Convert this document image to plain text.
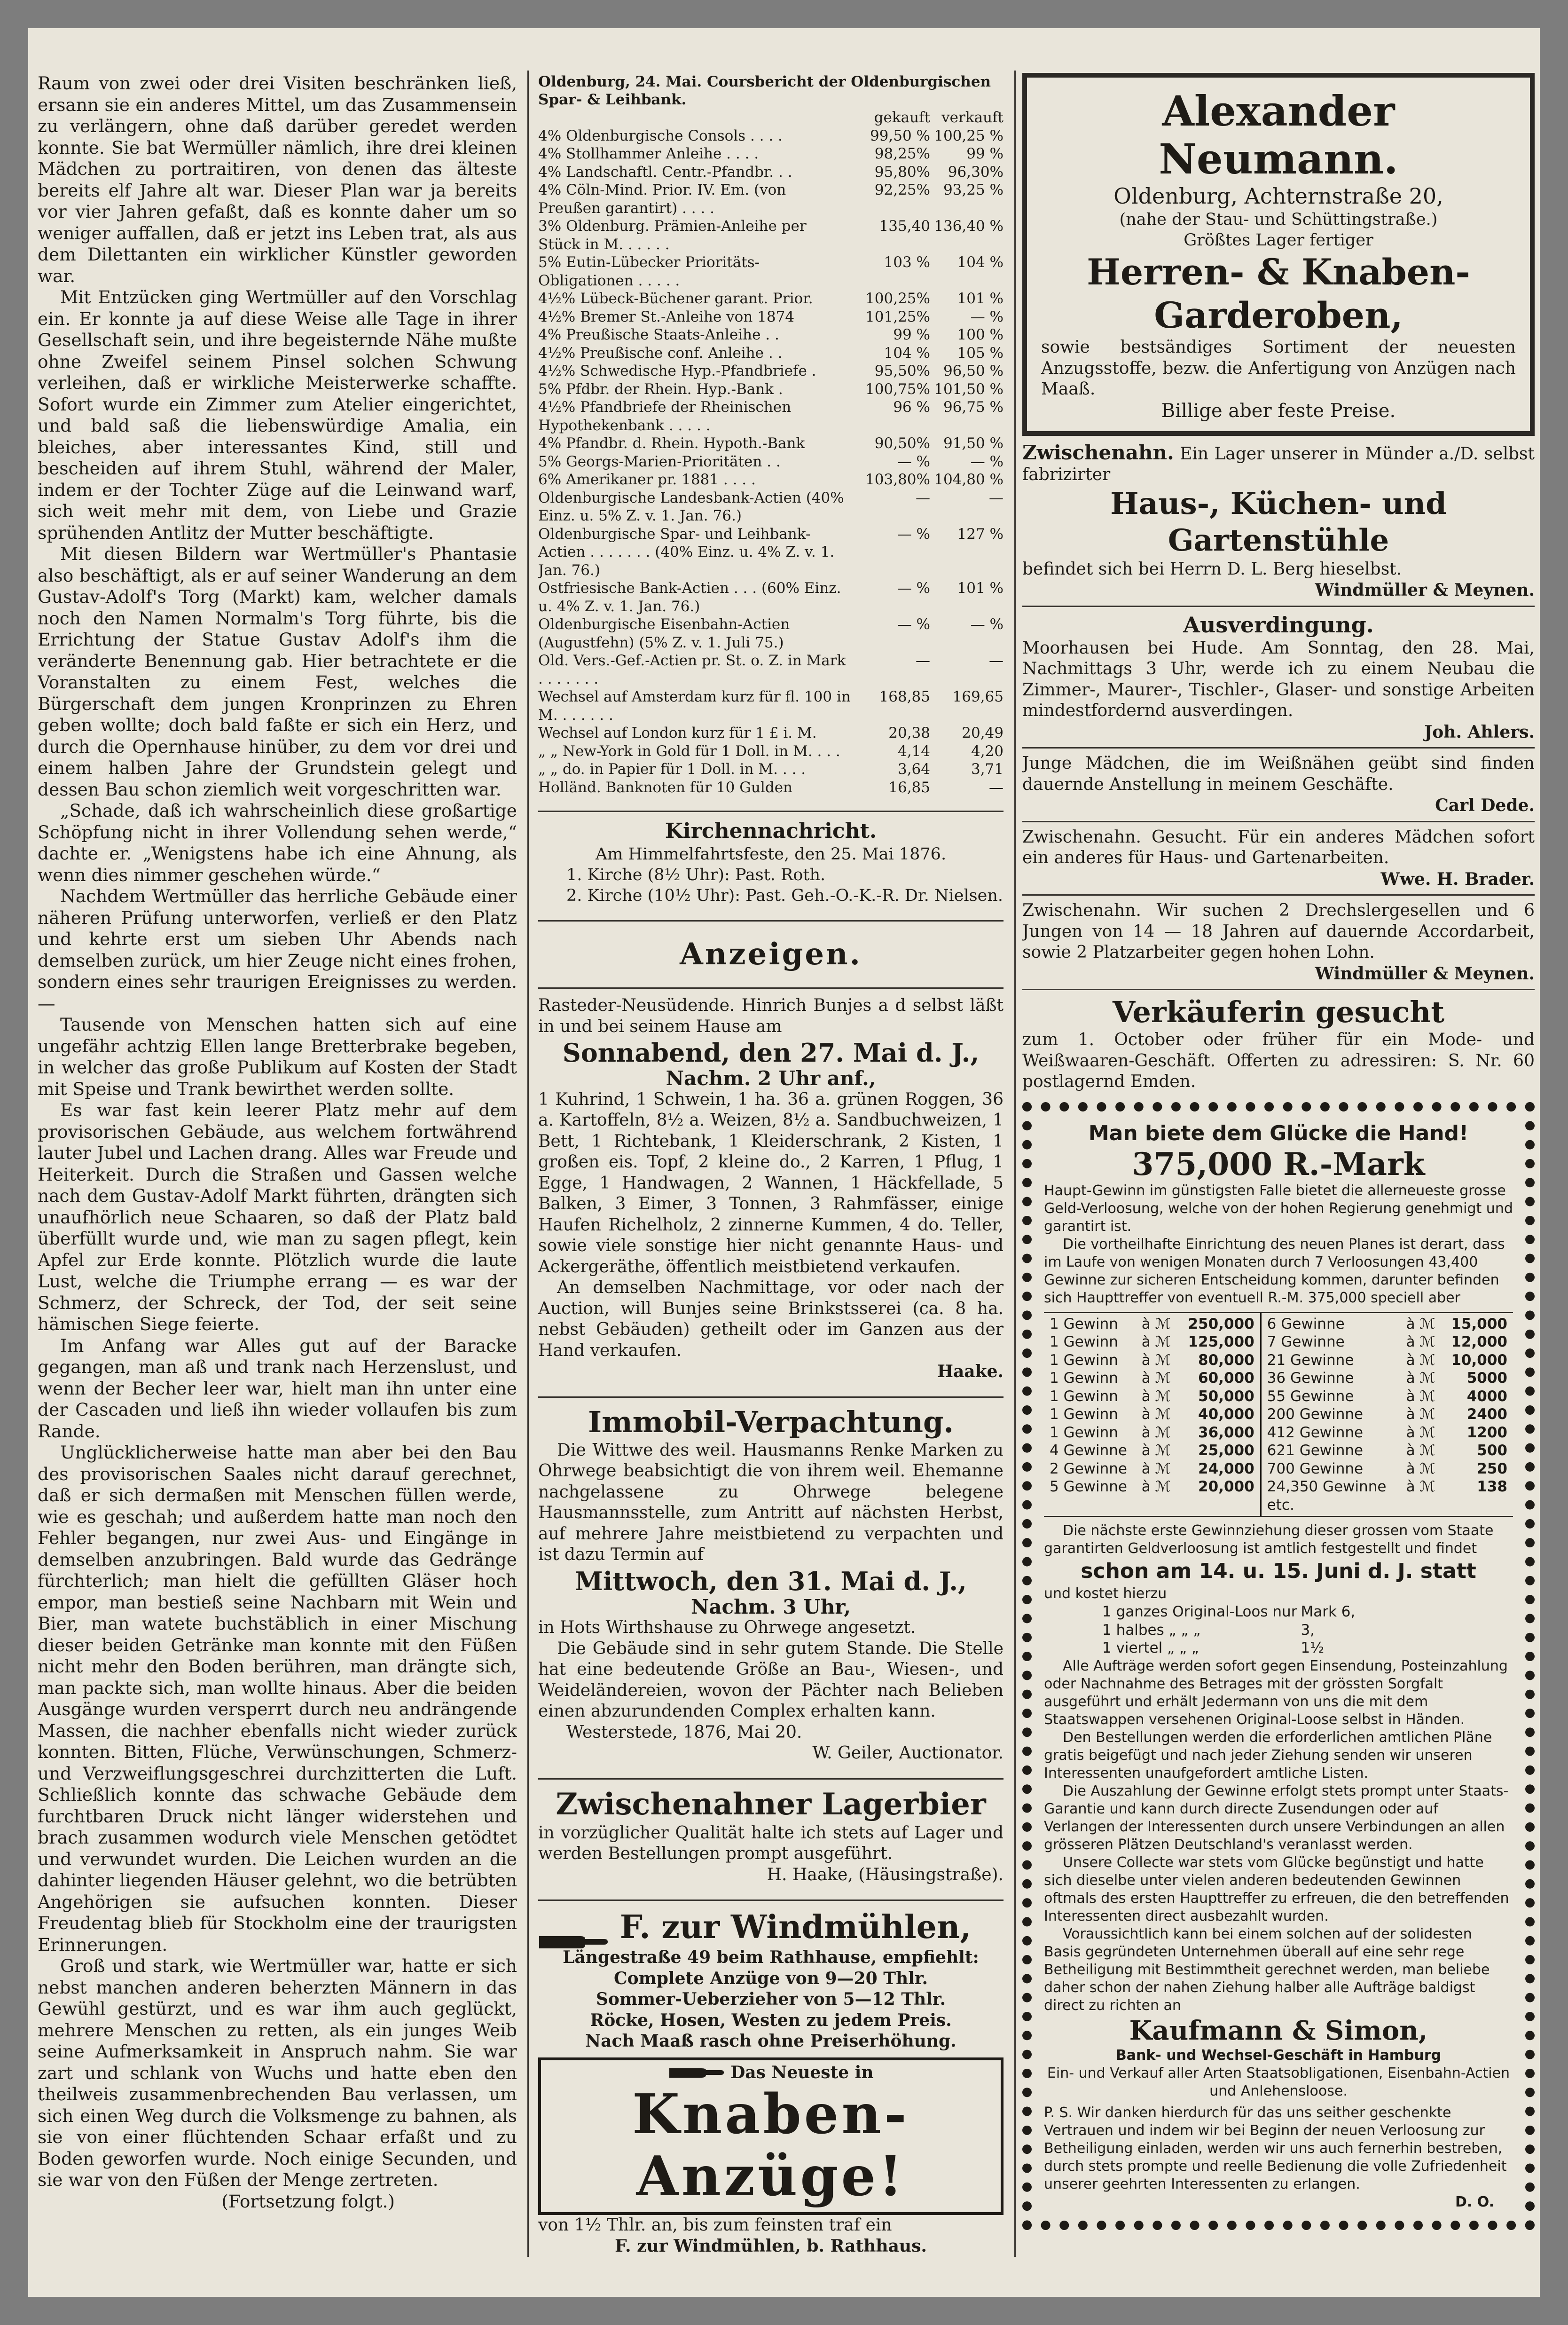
Raum von zwei oder drei Visiten beschränken ließ, ersann sie ein anderes Mittel, um das Zusammensein zu verlängern, ohne daß darüber geredet werden konnte. Sie bat Wermüller nämlich, ihre drei kleinen Mädchen zu portraitiren, von denen das älteste bereits elf Jahre alt war. Dieser Plan war ja bereits vor vier Jahren gefaßt, daß es konnte daher um so weniger auffallen, daß er jetzt ins Leben trat, als aus dem Dilettanten ein wirklicher Künstler geworden war.

Mit Entzücken ging Wertmüller auf den Vorschlag ein. Er konnte ja auf diese Weise alle Tage in ihrer Gesellschaft sein, und ihre begeisternde Nähe mußte ohne Zweifel seinem Pinsel solchen Schwung verleihen, daß er wirkliche Meisterwerke schaffte. Sofort wurde ein Zimmer zum Atelier eingerichtet, und bald saß die liebenswürdige Amalia, ein bleiches, aber interessantes Kind, still und bescheiden auf ihrem Stuhl, während der Maler, indem er der Tochter Züge auf die Leinwand warf, sich weit mehr mit dem, von Liebe und Grazie sprühenden Antlitz der Mutter beschäftigte.

Mit diesen Bildern war Wertmüller's Phantasie also beschäftigt, als er auf seiner Wanderung an dem Gustav-Adolf's Torg (Markt) kam, welcher damals noch den Namen Normalm's Torg führte, bis die Errichtung der Statue Gustav Adolf's ihm die veränderte Benennung gab. Hier betrachtete er die Voranstalten zu einem Fest, welches die Bürgerschaft dem jungen Kronprinzen zu Ehren geben wollte; doch bald faßte er sich ein Herz, und durch die Opernhause hinüber, zu dem vor drei und einem halben Jahre der Grundstein gelegt und dessen Bau schon ziemlich weit vorgeschritten war.

„Schade, daß ich wahrscheinlich diese großartige Schöpfung nicht in ihrer Vollendung sehen werde,“ dachte er. „Wenigstens habe ich eine Ahnung, als wenn dies nimmer geschehen würde.“

Nachdem Wertmüller das herrliche Gebäude einer näheren Prüfung unterworfen, verließ er den Platz und kehrte erst um sieben Uhr Abends nach demselben zurück, um hier Zeuge nicht eines frohen, sondern eines sehr traurigen Ereignisses zu werden. —

Tausende von Menschen hatten sich auf eine ungefähr achtzig Ellen lange Bretterbrake begeben, in welcher das große Publikum auf Kosten der Stadt mit Speise und Trank bewirthet werden sollte.

Es war fast kein leerer Platz mehr auf dem provisorischen Gebäude, aus welchem fortwährend lauter Jubel und Lachen drang. Alles war Freude und Heiterkeit. Durch die Straßen und Gassen welche nach dem Gustav-Adolf Markt führten, drängten sich unaufhörlich neue Schaaren, so daß der Platz bald überfüllt wurde und, wie man zu sagen pflegt, kein Apfel zur Erde konnte. Plötzlich wurde die laute Lust, welche die Triumphe errang — es war der Schmerz, der Schreck, der Tod, der seit seine hämischen Siege feierte.

Im Anfang war Alles gut auf der Baracke gegangen, man aß und trank nach Herzenslust, und wenn der Becher leer war, hielt man ihn unter eine der Cascaden und ließ ihn wieder vollaufen bis zum Rande.

Unglücklicherweise hatte man aber bei den Bau des provisorischen Saales nicht darauf gerechnet, daß er sich dermaßen mit Menschen füllen werde, wie es geschah; und außerdem hatte man noch den Fehler begangen, nur zwei Aus- und Eingänge in demselben anzubringen. Bald wurde das Gedränge fürchterlich; man hielt die gefüllten Gläser hoch empor, man bestieß seine Nachbarn mit Wein und Bier, man watete buchstäblich in einer Mischung dieser beiden Getränke man konnte mit den Füßen nicht mehr den Boden berühren, man drängte sich, man packte sich, man wollte hinaus. Aber die beiden Ausgänge wurden versperrt durch neu andrängende Massen, die nachher ebenfalls nicht wieder zurück konnten. Bitten, Flüche, Verwünschungen, Schmerz- und Verzweiflungsgeschrei durchzitterten die Luft. Schließlich konnte das schwache Gebäude dem furchtbaren Druck nicht länger widerstehen und brach zusammen wodurch viele Menschen getödtet und verwundet wurden. Die Leichen wurden an die dahinter liegenden Häuser gelehnt, wo die betrübten Angehörigen sie aufsuchen konnten. Dieser Freudentag blieb für Stockholm eine der traurigsten Erinnerungen.

Groß und stark, wie Wertmüller war, hatte er sich nebst manchen anderen beherzten Männern in das Gewühl gestürzt, und es war ihm auch geglückt, mehrere Menschen zu retten, als ein junges Weib seine Aufmerksamkeit in Anspruch nahm. Sie war zart und schlank von Wuchs und hatte eben den theilweis zusammenbrechenden Bau verlassen, um sich einen Weg durch die Volksmenge zu bahnen, als sie von einer flüchtenden Schaar erfaßt und zu Boden geworfen wurde. Noch einige Secunden, und sie war von den Füßen der Menge zertreten.

(Fortsetzung folgt.)

Oldenburg, 24. Mai. Coursbericht der Oldenburgischen Spar- & Leihbank.

	gekauft	verkauft
4% Oldenburgische Consols . . . .	99,50 %	100,25 %
4% Stollhammer Anleihe . . . .	98,25%	99 %
4% Landschaftl. Centr.-Pfandbr. . .	95,80%	96,30%
4% Cöln-Mind. Prior. IV. Em. (von Preußen garantirt) . . . .	92,25%	93,25 %
3% Oldenburg. Prämien-Anleihe per Stück in M. . . . . .	135,40	136,40 %
5% Eutin-Lübecker Prioritäts-Obligationen . . . . .	103 %	104 %
4½% Lübeck-Büchener garant. Prior.	100,25%	101 %
4½% Bremer St.-Anleihe von 1874	101,25%	— %
4% Preußische Staats-Anleihe . .	99 %	100 %
4½% Preußische conf. Anleihe . .	104 %	105 %
4½% Schwedische Hyp.-Pfandbriefe .	95,50%	96,50 %
5% Pfdbr. der Rhein. Hyp.-Bank .	100,75%	101,50 %
4½% Pfandbriefe der Rheinischen Hypothekenbank . . . . .	96 %	96,75 %
4% Pfandbr. d. Rhein. Hypoth.-Bank	90,50%	91,50 %
5% Georgs-Marien-Prioritäten . .	— %	— %
6% Amerikaner pr. 1881 . . . .	103,80%	104,80 %
Oldenburgische Landesbank-Actien (40% Einz. u. 5% Z. v. 1. Jan. 76.)	—	—
Oldenburgische Spar- und Leihbank-Actien . . . . . . . (40% Einz. u. 4% Z. v. 1. Jan. 76.)	— %	127 %
Ostfriesische Bank-Actien . . . (60% Einz. u. 4% Z. v. 1. Jan. 76.)	— %	101 %
Oldenburgische Eisenbahn-Actien (Augustfehn) (5% Z. v. 1. Juli 75.)	— %	— %
Old. Vers.-Gef.-Actien pr. St. o. Z. in Mark . . . . . . .	—	—
Wechsel auf Amsterdam kurz für fl. 100 in M. . . . . . .	168,85	169,65
Wechsel auf London kurz für 1 £ i. M.	20,38	20,49
„ „ New-York in Gold für 1 Doll. in M. . . .	4,14	4,20
„ „ do. in Papier für 1 Doll. in M. . . .	3,64	3,71
Holländ. Banknoten für 10 Gulden	16,85	—
Kirchennachricht.

Am Himmelfahrtsfeste, den 25. Mai 1876.

1. Kirche (8½ Uhr): Past. Roth.

2. Kirche (10½ Uhr): Past. Geh.-O.-K.-R. Dr. Nielsen.

Anzeigen.

Rasteder-Neusüdende. Hinrich Bunjes a d selbst läßt in und bei seinem Hause am

Sonnabend, den 27. Mai d. J.,

Nachm. 2 Uhr anf.,

1 Kuhrind, 1 Schwein, 1 ha. 36 a. grünen Roggen, 36 a. Kartoffeln, 8½ a. Weizen, 8½ a. Sandbuchweizen, 1 Bett, 1 Richtebank, 1 Kleiderschrank, 2 Kisten, 1 großen eis. Topf, 2 kleine do., 2 Karren, 1 Pflug, 1 Egge, 1 Handwagen, 2 Wannen, 1 Häckfellade, 5 Balken, 3 Eimer, 3 Tonnen, 3 Rahmfässer, einige Haufen Richelholz, 2 zinnerne Kummen, 4 do. Teller, sowie viele sonstige hier nicht genannte Haus- und Ackergeräthe, öffentlich meistbietend verkaufen.

An demselben Nachmittage, vor oder nach der Auction, will Bunjes seine Brinkstsserei (ca. 8 ha. nebst Gebäuden) getheilt oder im Ganzen aus der Hand verkaufen.

Haake.

Immobil-Verpachtung.

Die Wittwe des weil. Hausmanns Renke Marken zu Ohrwege beabsichtigt die von ihrem weil. Ehemanne nachgelassene zu Ohrwege belegene Hausmannsstelle, zum Antritt auf nächsten Herbst, auf mehrere Jahre meistbietend zu verpachten und ist dazu Termin auf

Mittwoch, den 31. Mai d. J.,

Nachm. 3 Uhr,

in Hots Wirthshause zu Ohrwege angesetzt.

Die Gebäude sind in sehr gutem Stande. Die Stelle hat eine bedeutende Größe an Bau-, Wiesen-, und Weideländereien, wovon der Pächter nach Belieben einen abzurundenden Complex erhalten kann.

Westerstede, 1876, Mai 20.

W. Geiler, Auctionator.

Zwischenahner Lagerbier

in vorzüglicher Qualität halte ich stets auf Lager und werden Bestellungen prompt ausgeführt.

H. Haake, (Häusingstraße).

F. zur Windmühlen,

Längestraße 49 beim Rathhause, empfiehlt:

Complete Anzüge von 9—20 Thlr.

Sommer-Ueberzieher von 5—12 Thlr.

Röcke, Hosen, Westen zu jedem Preis.

Nach Maaß rasch ohne Preiserhöhung.

Das Neueste in

Knaben-Anzüge!

von 1½ Thlr. an, bis zum feinsten traf ein

F. zur Windmühlen, b. Rathhaus.

Alexander Neumann.

Oldenburg, Achternstraße 20,

(nahe der Stau- und Schüttingstraße.)

Größtes Lager fertiger

Herren- & Knaben-Garderoben,

sowie bestsändiges Sortiment der neuesten Anzugsstoffe, bezw. die Anfertigung von Anzügen nach Maaß.

Billige aber feste Preise.

Zwischenahn. Ein Lager unserer in Münder a./D. selbst fabrizirter

Haus-, Küchen- und Gartenstühle

befindet sich bei Herrn D. L. Berg hieselbst.

Windmüller & Meynen.

Ausverdingung.

Moorhausen bei Hude. Am Sonntag, den 28. Mai, Nachmittags 3 Uhr, werde ich zu einem Neubau die Zimmer-, Maurer-, Tischler-, Glaser- und sonstige Arbeiten mindestfordernd ausverdingen.

Joh. Ahlers.

Junge Mädchen, die im Weißnähen geübt sind finden dauernde Anstellung in meinem Geschäfte.

Carl Dede.

Zwischenahn. Gesucht. Für ein anderes Mädchen sofort ein anderes für Haus- und Gartenarbeiten.

Wwe. H. Brader.

Zwischenahn. Wir suchen 2 Drechslergesellen und 6 Jungen von 14 — 18 Jahren auf dauernde Accordarbeit, sowie 2 Platzarbeiter gegen hohen Lohn.

Windmüller & Meynen.

Verkäuferin gesucht

zum 1. October oder früher für ein Mode- und Weißwaaren-Geschäft. Offerten zu adressiren: S. Nr. 60 postlagernd Emden.

Man biete dem Glücke die Hand!

375,000 R.-Mark

Haupt-Gewinn im günstigsten Falle bietet die allerneueste grosse Geld-Verloosung, welche von der hohen Regierung genehmigt und garantirt ist.

Die vortheilhafte Einrichtung des neuen Planes ist derart, dass im Laufe von wenigen Monaten durch 7 Verloosungen 43,400 Gewinne zur sicheren Entscheidung kommen, darunter befinden sich Haupttreffer von eventuell R.-M. 375,000 speciell aber

1 Gewinn	à ℳ	250,000
1 Gewinn	à ℳ	125,000
1 Gewinn	à ℳ	80,000
1 Gewinn	à ℳ	60,000
1 Gewinn	à ℳ	50,000
1 Gewinn	à ℳ	40,000
1 Gewinn	à ℳ	36,000
4 Gewinne	à ℳ	25,000
2 Gewinne	à ℳ	24,000
5 Gewinne	à ℳ	20,000

6 Gewinne	à ℳ	15,000
7 Gewinne	à ℳ	12,000
21 Gewinne	à ℳ	10,000
36 Gewinne	à ℳ	5000
55 Gewinne	à ℳ	4000
200 Gewinne	à ℳ	2400
412 Gewinne	à ℳ	1200
621 Gewinne	à ℳ	500
700 Gewinne	à ℳ	250
24,350 Gewinne	à ℳ	138
etc.		

Die nächste erste Gewinnziehung dieser grossen vom Staate garantirten Geldverloosung ist amtlich festgestellt und findet

schon am 14. u. 15. Juni d. J. statt

und kostet hierzu

1 ganzes Original-Loos nur	Mark 6,
1 halbes „ „ „	3,
1 viertel „ „ „	1½

Alle Aufträge werden sofort gegen Einsendung, Posteinzahlung oder Nachnahme des Betrages mit der grössten Sorgfalt ausgeführt und erhält Jedermann von uns die mit dem Staatswappen versehenen Original-Loose selbst in Händen.

Den Bestellungen werden die erforderlichen amtlichen Pläne gratis beigefügt und nach jeder Ziehung senden wir unseren Interessenten unaufgefordert amtliche Listen.

Die Auszahlung der Gewinne erfolgt stets prompt unter Staats-Garantie und kann durch directe Zusendungen oder auf Verlangen der Interessenten durch unsere Verbindungen an allen grösseren Plätzen Deutschland's veranlasst werden.

Unsere Collecte war stets vom Glücke begünstigt und hatte sich dieselbe unter vielen anderen bedeutenden Gewinnen oftmals des ersten Haupttreffer zu erfreuen, die den betreffenden Interessenten direct ausbezahlt wurden.

Voraussichtlich kann bei einem solchen auf der solidesten Basis gegründeten Unternehmen überall auf eine sehr rege Betheiligung mit Bestimmtheit gerechnet werden, man beliebe daher schon der nahen Ziehung halber alle Aufträge baldigst direct zu richten an

Kaufmann & Simon,

Bank- und Wechsel-Geschäft in Hamburg

Ein- und Verkauf aller Arten Staatsobligationen, Eisenbahn-Actien und Anlehensloose.

P. S. Wir danken hierdurch für das uns seither geschenkte Vertrauen und indem wir bei Beginn der neuen Verloosung zur Betheiligung einladen, werden wir uns auch fernerhin bestreben, durch stets prompte und reelle Bedienung die volle Zufriedenheit unserer geehrten Interessenten zu erlangen.

D. O.
